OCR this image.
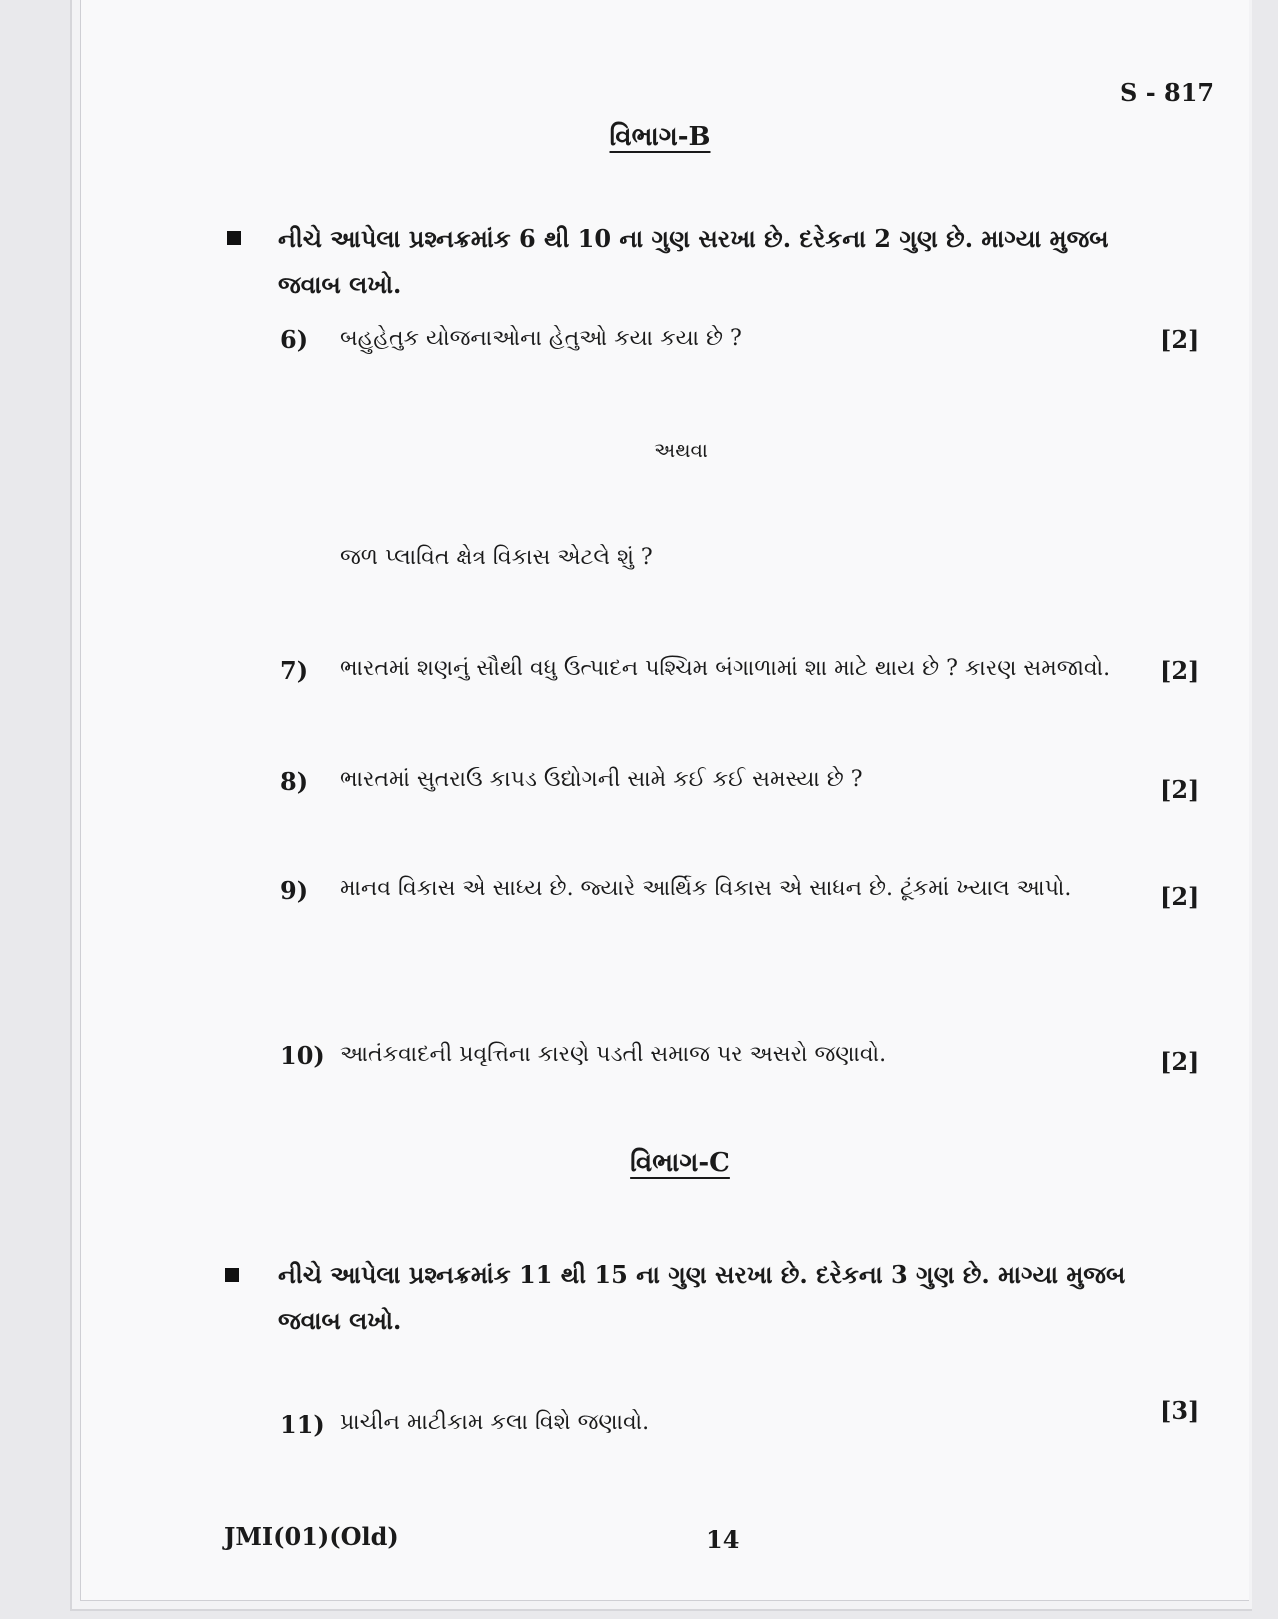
S - 817

વિભાગ-B

નીચે આપેલા પ્રશ્નક્રમાંક 6 થી 10 ના ગુણ સરખા છે. દરેકના 2 ગુણ છે. માગ્યા મુજબ જવાબ લખો.

6)	બહુહેતુક યોજનાઓના હેતુઓ કયા કયા છે ?	[2]

અથવા

જળ પ્લાવિત ક્ષેત્ર વિકાસ એટલે શું ?

7)	ભારતમાં શણનું સૌથી વધુ ઉત્પાદન પશ્ચિમ બંગાળામાં શા માટે થાય છે ? કારણ સમજાવો. [2]

8)	ભારતમાં સુતરાઉ કાપડ ઉદ્યોગની સામે કઈ કઈ સમસ્યા છે ?	[2]

9)	માનવ વિકાસ એ સાધ્ય છે. જ્યારે આર્થિક વિકાસ એ સાધન છે. ટૂંકમાં ખ્યાલ આપો.	[2]

10) આતંકવાદની પ્રવૃત્તિના કારણે પડતી સમાજ પર અસરો જણાવો.	[2]

વિભાગ-C

નીચે આપેલા પ્રશ્નક્રમાંક 11 થી 15 ના ગુણ સરખા છે. દરેકના 3 ગુણ છે. માગ્યા મુજબ જવાબ લખો.

11) પ્રાચીન માટીકામ કલા વિશે જણાવો.	[3]

JMI(01)(Old)	14
